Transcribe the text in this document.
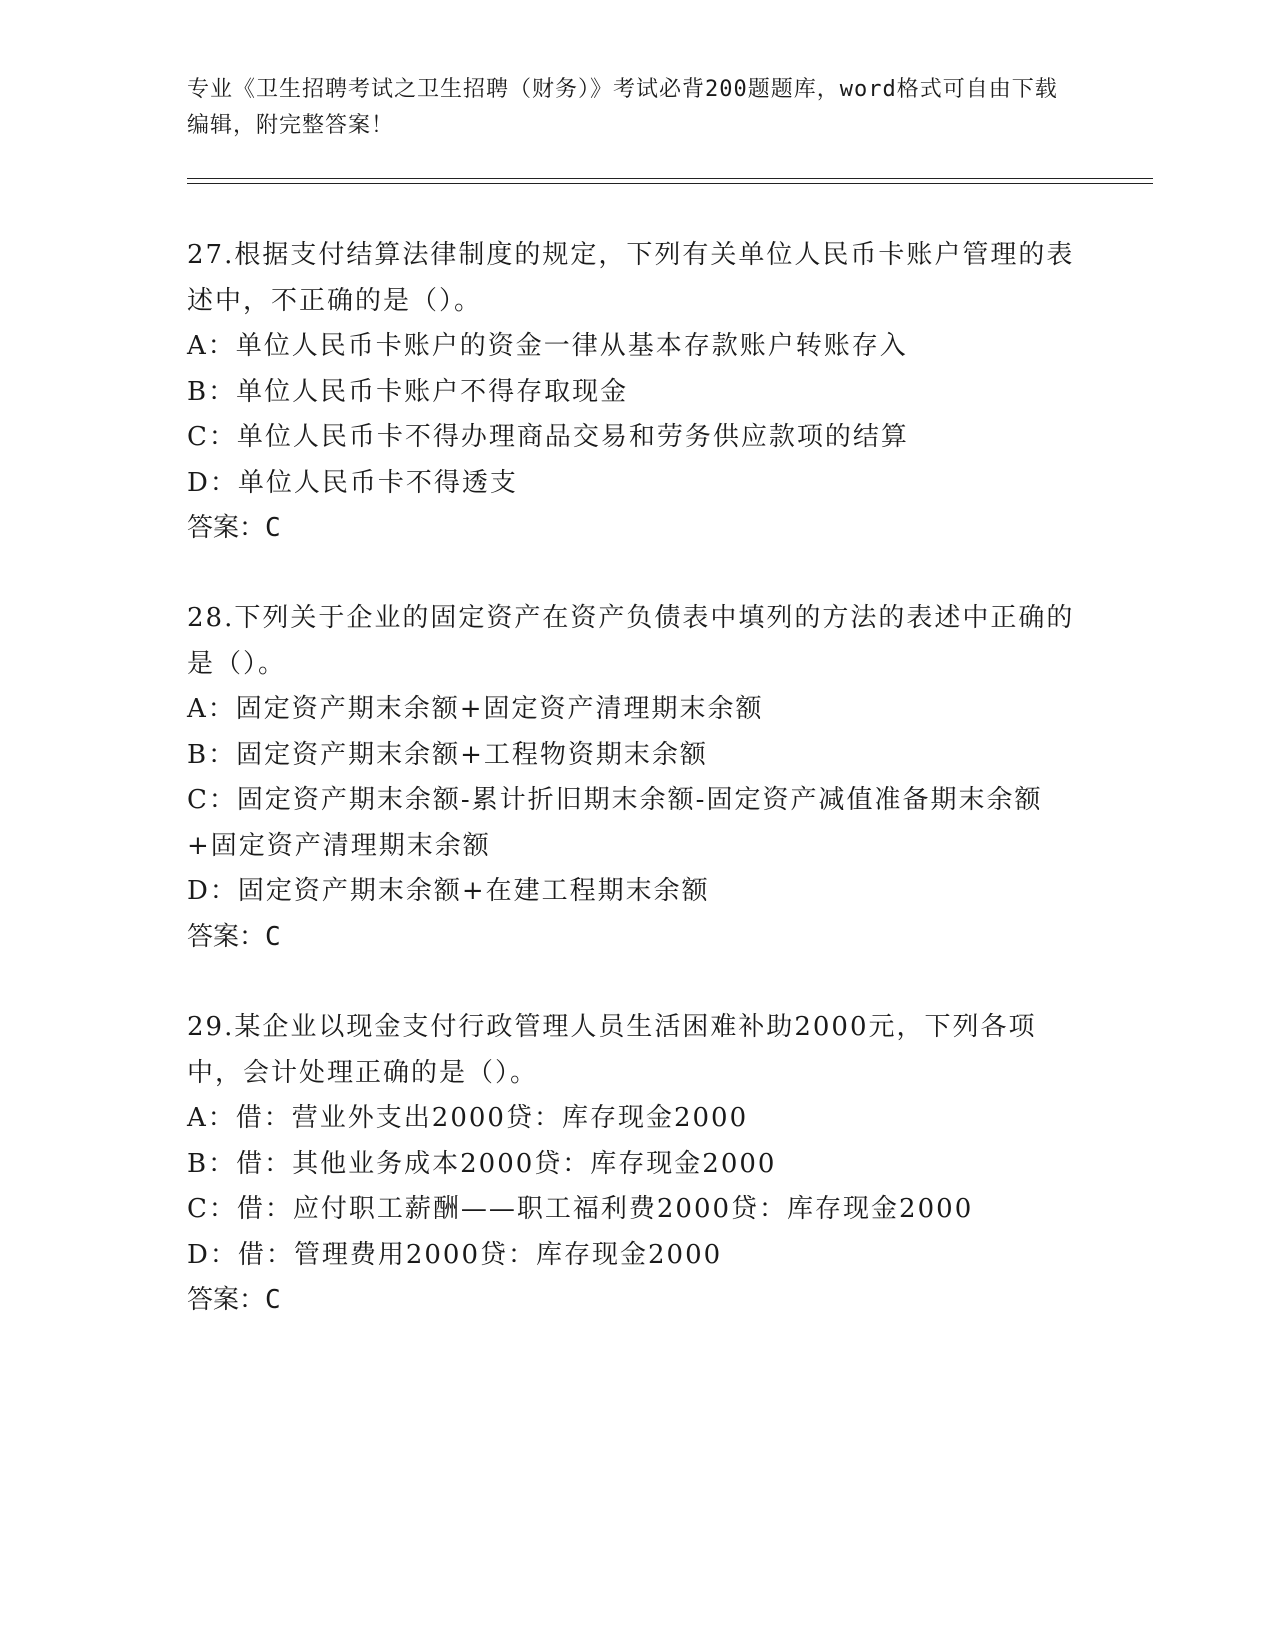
专业《卫生招聘考试之卫生招聘（财务）》考试必背200题题库，word格式可自由下载编辑，附完整答案！

27.根据支付结算法律制度的规定，下列有关单位人民币卡账户管理的表述中，不正确的是（）。

A：单位人民币卡账户的资金一律从基本存款账户转账存入

B：单位人民币卡账户不得存取现金

C：单位人民币卡不得办理商品交易和劳务供应款项的结算

D：单位人民币卡不得透支

答案：C

28.下列关于企业的固定资产在资产负债表中填列的方法的表述中正确的是（）。

A：固定资产期末余额+固定资产清理期末余额

B：固定资产期末余额+工程物资期末余额

C：固定资产期末余额-累计折旧期末余额-固定资产减值准备期末余额+固定资产清理期末余额

D：固定资产期末余额+在建工程期末余额

答案：C

29.某企业以现金支付行政管理人员生活困难补助2000元，下列各项中，会计处理正确的是（）。

A：借：营业外支出2000贷：库存现金2000

B：借：其他业务成本2000贷：库存现金2000

C：借：应付职工薪酬——职工福利费2000贷：库存现金2000

D：借：管理费用2000贷：库存现金2000

答案：C
